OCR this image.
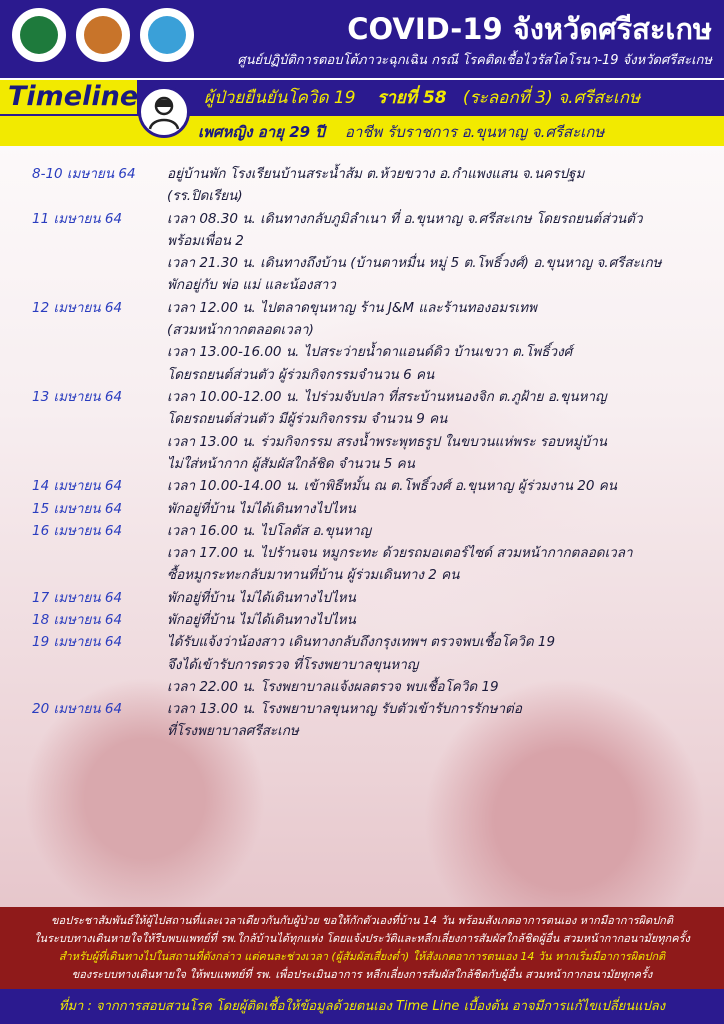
COVID-19 จังหวัดศรีสะเกษ
ศูนย์ปฏิบัติการตอบโต้ภาวะฉุกเฉิน กรณี โรคติดเชื้อไวรัสโคโรนา-19 จังหวัดศรีสะเกษ
Timeline	ผู้ป่วยยืนยันโควิด 19 รายที่ 58 (ระลอกที่ 3) จ.ศรีสะเกษ
เพศหญิง อายุ 29 ปี อาชีพ รับราชการ อ.ขุนหาญ จ.ศรีสะเกษ
8-10 เมษายน 64 อยู่บ้านพัก โรงเรียนบ้านสระน้ำส้ม ต.ห้วยขวาง อ.กำแพงแสน จ.นครปฐม
(รร.ปิดเรียน)
11 เมษายน 64	เวลา 08.30 น. เดินทางกลับภูมิลำเนา ที่ อ.ขุนหาญ จ.ศรีสะเกษ โดยรถยนต์ส่วนตัว
พร้อมเพื่อน 2
เวลา 21.30 น. เดินทางถึงบ้าน (บ้านตาหมื่น หมู่ 5 ต.โพธิ์วงศ์) อ.ขุนหาญ จ.ศรีสะเกษ
พักอยู่กับ พ่อ แม่ และน้องสาว
12 เมษายน 64	เวลา 12.00 น. ไปตลาดขุนหาญ ร้าน J&M และร้านทองอมรเทพ
(สวมหน้ากากตลอดเวลา)
เวลา 13.00-16.00 น. ไปสระว่ายน้ำดาแอนด์ดิว บ้านเขวา ต.โพธิ์วงศ์
โดยรถยนต์ส่วนตัว ผู้ร่วมกิจกรรมจำนวน 6 คน
13 เมษายน 64	เวลา 10.00-12.00 น. ไปร่วมจับปลา ที่สระบ้านหนองจิก ต.ภูฝ้าย อ.ขุนหาญ
โดยรถยนต์ส่วนตัว มีผู้ร่วมกิจกรรม จำนวน 9 คน
เวลา 13.00 น. ร่วมกิจกรรม สรงน้ำพระพุทธรูป ในขบวนแห่พระ รอบหมู่บ้าน
ไม่ใส่หน้ากาก ผู้สัมผัสใกล้ชิด จำนวน 5 คน
14 เมษายน 64	เวลา 10.00-14.00 น. เข้าพิธีหมั้น ณ ต.โพธิ์วงศ์ อ.ขุนหาญ ผู้ร่วมงาน 20 คน
15 เมษายน 64	พักอยู่ที่บ้าน ไม่ได้เดินทางไปไหน
16 เมษายน 64	เวลา 16.00 น. ไปโลตัส อ.ขุนหาญ
เวลา 17.00 น. ไปร้านจน หมูกระทะ ด้วยรถมอเตอร์ไซด์ สวมหน้ากากตลอดเวลา
ซื้อหมูกระทะกลับมาทานที่บ้าน ผู้ร่วมเดินทาง 2 คน
17 เมษายน 64	พักอยู่ที่บ้าน ไม่ได้เดินทางไปไหน
18 เมษายน 64	พักอยู่ที่บ้าน ไม่ได้เดินทางไปไหน
19 เมษายน 64	ได้รับแจ้งว่าน้องสาว เดินทางกลับถึงกรุงเทพฯ ตรวจพบเชื้อโควิด 19
จึงได้เข้ารับการตรวจ ที่โรงพยาบาลขุนหาญ
เวลา 22.00 น. โรงพยาบาลแจ้งผลตรวจ พบเชื้อโควิด 19
20 เมษายน 64	เวลา 13.00 น. โรงพยาบาลขุนหาญ รับตัวเข้ารับการรักษาต่อ
ที่โรงพยาบาลศรีสะเกษ
ขอประชาสัมพันธ์ให้ผู้ไปสถานที่และเวลาเดียวกันกับผู้ป่วย ขอให้กักตัวเองที่บ้าน 14 วัน พร้อมสังเกตอาการตนเอง หากมีอาการผิดปกติ
ในระบบทางเดินหายใจให้รีบพบแพทย์ที่ รพ.ใกล้บ้านได้ทุกแห่ง โดยแจ้งประวัติและหลีกเลี่ยงการสัมผัสใกล้ชิดผู้อื่น สวมหน้ากากอนามัยทุกครั้ง
สำหรับผู้ที่เดินทางไปในสถานที่ดังกล่าว แต่คนละช่วงเวลา (ผู้สัมผัสเสี่ยงต่ำ) ให้สังเกตอาการตนเอง 14 วัน หากเริ่มมีอาการผิดปกติ
ของระบบทางเดินหายใจ ให้พบแพทย์ที่ รพ. เพื่อประเมินอาการ หลีกเลี่ยงการสัมผัสใกล้ชิดกับผู้อื่น สวมหน้ากากอนามัยทุกครั้ง
ที่มา : จากการสอบสวนโรค โดยผู้ติดเชื้อให้ข้อมูลด้วยตนเอง Time Line เบื้องต้น อาจมีการแก้ไขเปลี่ยนแปลง
